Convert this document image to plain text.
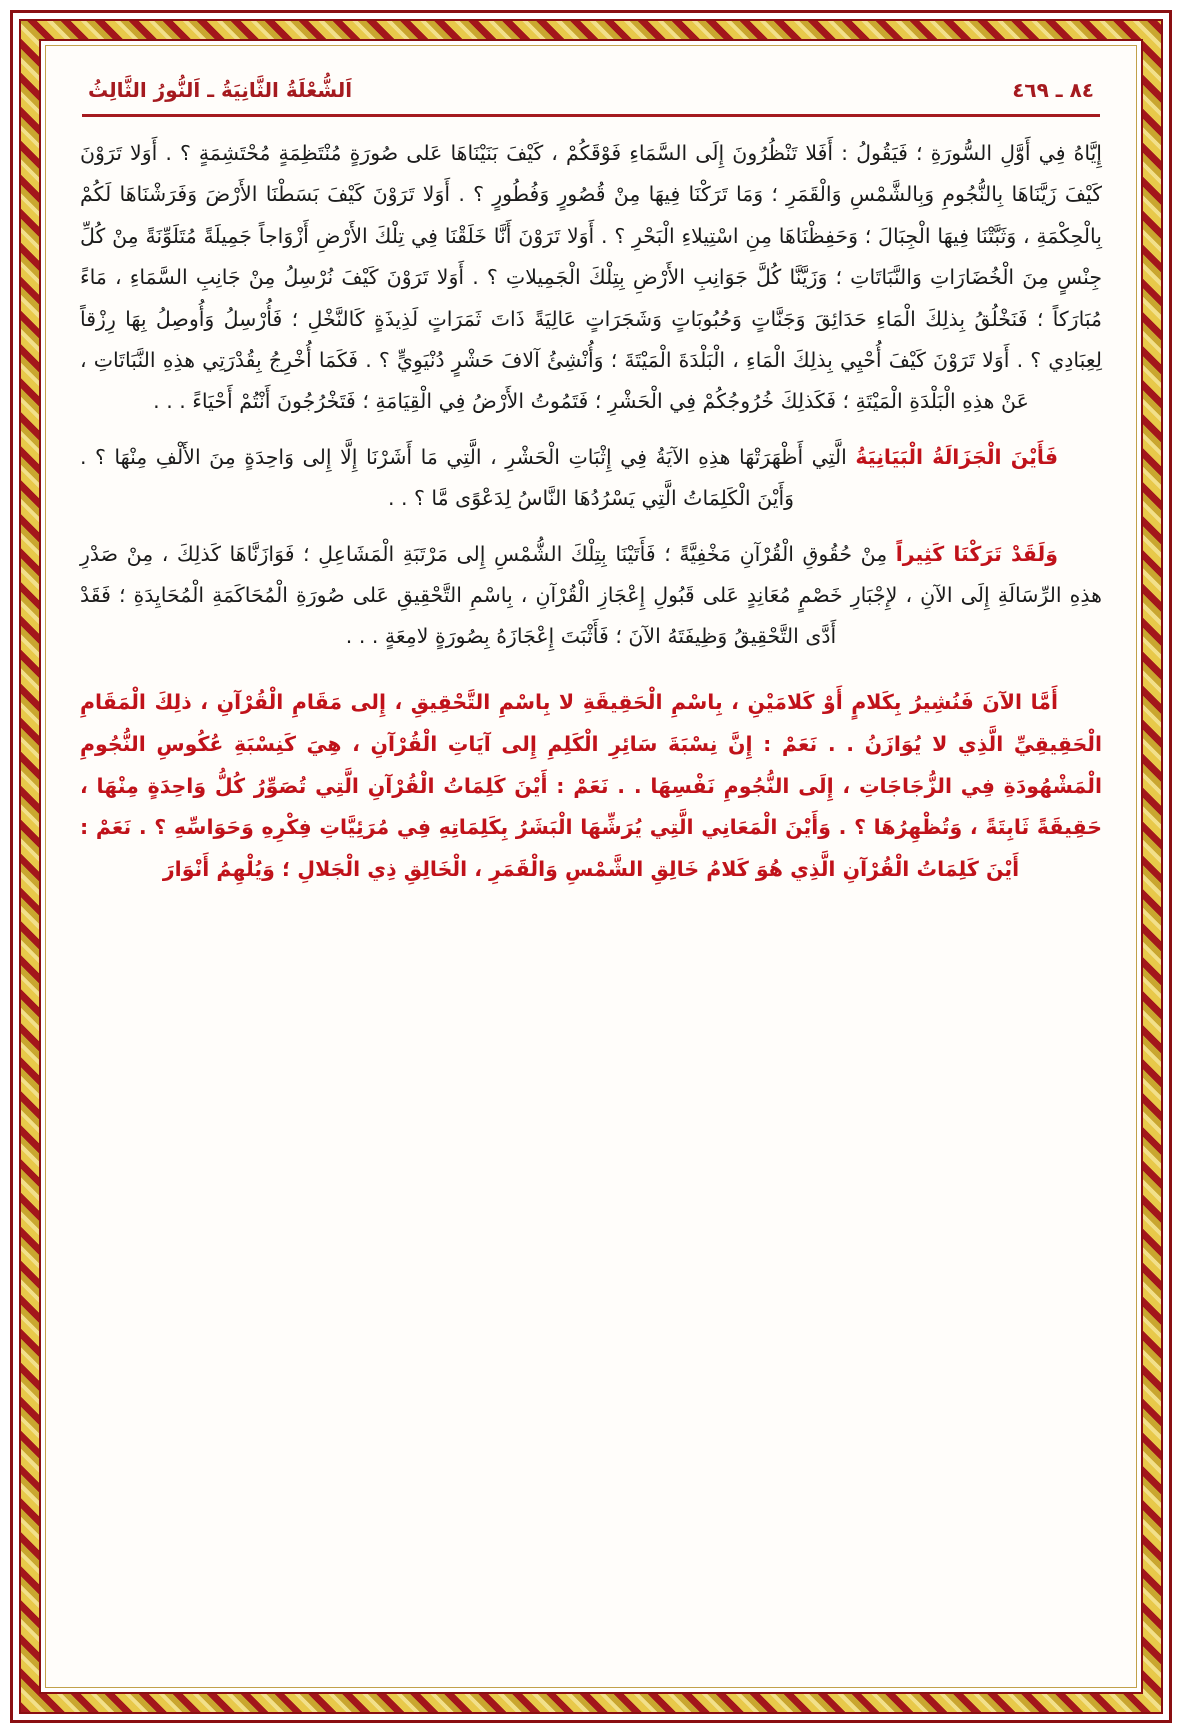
اَلشُّعْلَةُ الثَّانِيَةُ ـ اَلنُّورُ الثَّالِثُ	٨٤ ـ ٤٦٩

إِيَّاهُ فِي أَوَّلِ السُّورَةِ ؛ فَيَقُولُ : أَفَلا تَنْظُرُونَ إِلَى السَّمَاءِ فَوْقَكُمْ ، كَيْفَ بَنَيْنَاهَا عَلى صُورَةٍ مُنْتَظِمَةٍ مُحْتَشِمَةٍ ؟ . أَوَلا تَرَوْنَ كَيْفَ زَيَّنَاهَا بِالنُّجُومِ وَبِالشَّمْسِ وَالْقَمَرِ ؛ وَمَا تَرَكْنَا فِيهَا مِنْ قُصُورٍ وَفُطُورٍ ؟ . أَوَلا تَرَوْنَ كَيْفَ بَسَطْنَا الأَرْضَ وَفَرَشْنَاهَا لَكُمْ بِالْحِكْمَةِ ، وَثَبَّتْنَا فِيهَا الْجِبَالَ ؛ وَحَفِظْنَاهَا مِنِ اسْتِيلاءِ الْبَحْرِ ؟ . أَوَلا تَرَوْنَ أَنَّا خَلَقْنَا فِي تِلْكَ الأَرْضِ أَزْوَاجاً جَمِيلَةً مُتَلَوِّنَةً مِنْ كُلِّ جِنْسٍ مِنَ الْخُضَارَاتِ وَالنَّبَاتَاتِ ؛ وَزَيَّنَّا كُلَّ جَوَانِبِ الأَرْضِ بِتِلْكَ الْجَمِيلاتِ ؟ . أَوَلا تَرَوْنَ كَيْفَ نُرْسِلُ مِنْ جَانِبِ السَّمَاءِ ، مَاءً مُبَارَكاً ؛ فَنَخْلُقُ بِذلِكَ الْمَاءِ حَدَائِقَ وَجَنَّاتٍ وَحُبُوبَاتٍ وَشَجَرَاتٍ عَالِيَةً ذَاتَ ثَمَرَاتٍ لَذِيذَةٍ كَالنَّخْلِ ؛ فَأُرْسِلُ وَأُوصِلُ بِهَا رِزْقاً لِعِبَادِي ؟ . أَوَلا تَرَوْنَ كَيْفَ أُحْيِي بِذلِكَ الْمَاءِ ، الْبَلْدَةَ الْمَيْتَةَ ؛ وَأُنْشِئُ آلافَ حَشْرٍ دُنْيَوِيٍّ ؟ . فَكَمَا أُخْرِجُ بِقُدْرَتِي هذِهِ النَّبَاتَاتِ ، عَنْ هذِهِ الْبَلْدَةِ الْمَيْتَةِ ؛ فَكَذلِكَ خُرُوجُكُمْ فِي الْحَشْرِ ؛ فَتَمُوتُ الأَرْضُ فِي الْقِيَامَةِ ؛ فَتَخْرُجُونَ أَنْتُمْ أَحْيَاءً . . .

فَأَيْنَ الْجَزَالَةُ الْبَيَانِيَةُ الَّتِي أَظْهَرَتْهَا هذِهِ الآيَةُ فِي إِثْبَاتِ الْحَشْرِ ، الَّتِي مَا أَشَرْنَا إِلَّا إِلى وَاحِدَةٍ مِنَ الأَلْفِ مِنْهَا ؟ . وَأَيْنَ الْكَلِمَاتُ الَّتِي يَسْرُدُهَا النَّاسُ لِدَعْوًى مَّا ؟ . .

وَلَقَدْ تَرَكْنَا كَثِيراً مِنْ حُقُوقِ الْقُرْآنِ مَخْفِيَّةً ؛ فَأَتَيْنَا بِتِلْكَ الشُّمْسِ إِلى مَرْتَبَةِ الْمَشَاعِلِ ؛ فَوَازَنَّاهَا كَذلِكَ ، مِنْ صَدْرِ هذِهِ الرِّسَالَةِ إِلَى الآنِ ، لإِجْبَارِ خَصْمٍ مُعَانِدٍ عَلى قَبُولِ إِعْجَازِ الْقُرْآنِ ، بِاسْمِ التَّحْقِيقِ عَلى صُورَةِ الْمُحَاكَمَةِ الْمُحَايِدَةِ ؛ فَقَدْ أَدَّى التَّحْقِيقُ وَظِيفَتَهُ الآنَ ؛ فَأَثْبَتَ إِعْجَازَهُ بِصُورَةٍ لامِعَةٍ . . .

أَمَّا الآنَ فَنُشِيرُ بِكَلامٍ أَوْ كَلامَيْنِ ، بِاسْمِ الْحَقِيقَةِ لا بِاسْمِ التَّحْقِيقِ ، إِلى مَقَامِ الْقُرْآنِ ، ذلِكَ الْمَقَامِ الْحَقِيقِيِّ الَّذِي لا يُوَازَنُ . . نَعَمْ : إِنَّ نِسْبَةَ سَائِرِ الْكَلِمِ إِلى آيَاتِ الْقُرْآنِ ، هِيَ كَنِسْبَةِ عُكُوسِ النُّجُومِ الْمَشْهُودَةِ فِي الزُّجَاجَاتِ ، إِلَى النُّجُومِ نَفْسِهَا . . نَعَمْ : أَيْنَ كَلِمَاتُ الْقُرْآنِ الَّتِي تُصَوِّرُ كُلُّ وَاحِدَةٍ مِنْهَا ، حَقِيقَةً ثَابِتَةً ، وَتُظْهِرُهَا ؟ . وَأَيْنَ الْمَعَانِي الَّتِي يُرَشِّهَا الْبَشَرُ بِكَلِمَاتِهِ فِي مُرَئِيَّاتِ فِكْرِهِ وَحَوَاسِّهِ ؟ . نَعَمْ : أَيْنَ كَلِمَاتُ الْقُرْآنِ الَّذِي هُوَ كَلامُ خَالِقِ الشَّمْسِ وَالْقَمَرِ ، الْخَالِقِ ذِي الْجَلالِ ؛ وَيُلْهِمُ أَنْوَارَ
